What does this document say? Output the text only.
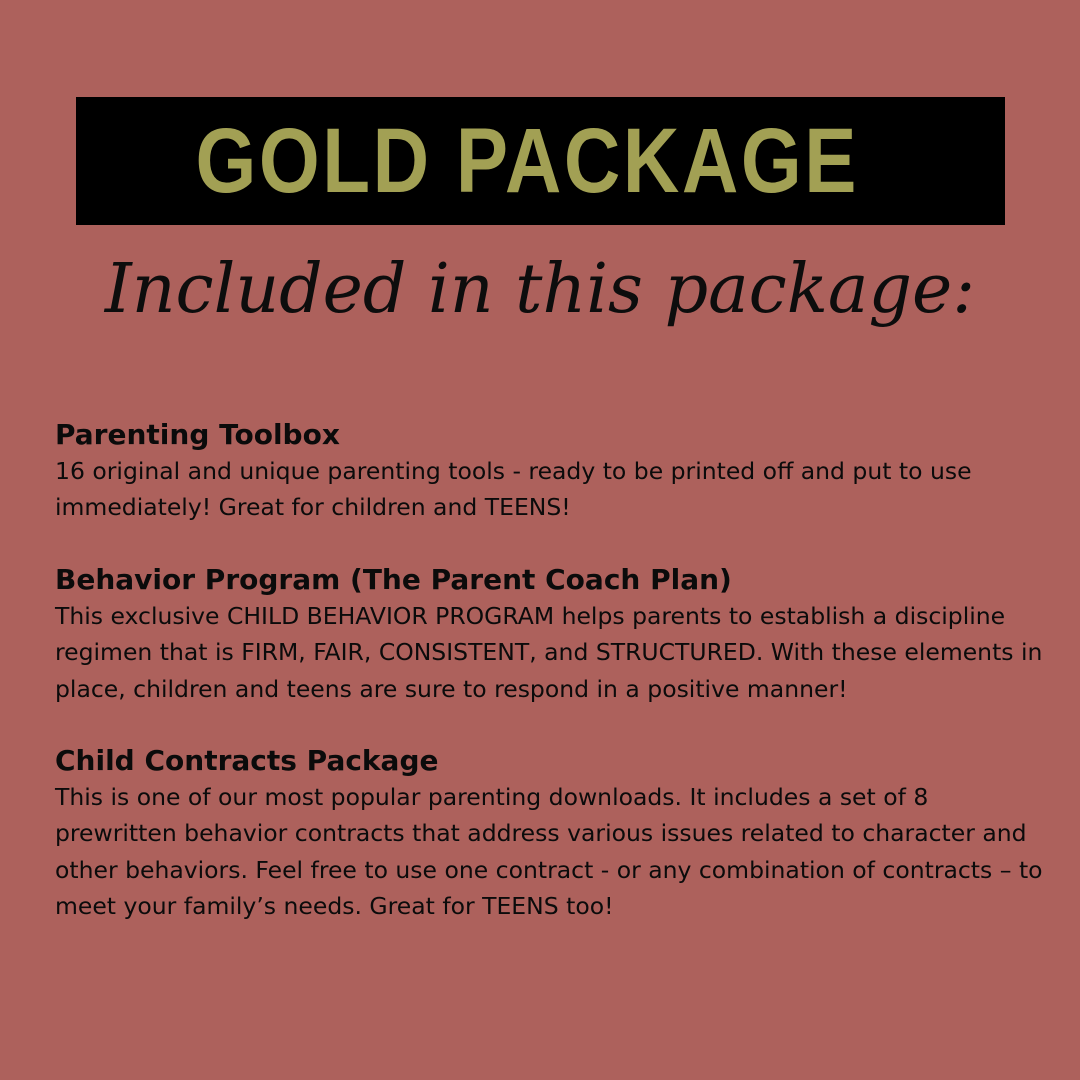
GOLD PACKAGE
Included in this package:

Parenting Toolbox

16 original and unique parenting tools - ready to be printed off and put to use immediately! Great for children and TEENS!

Behavior Program (The Parent Coach Plan)

This exclusive CHILD BEHAVIOR PROGRAM helps parents to establish a discipline regimen that is FIRM, FAIR, CONSISTENT, and STRUCTURED. With these elements in place, children and teens are sure to respond in a positive manner!

Child Contracts Package

This is one of our most popular parenting downloads. It includes a set of 8 prewritten behavior contracts that address various issues related to character and other behaviors. Feel free to use one contract - or any combination of contracts – to meet your family’s needs. Great for TEENS too!
